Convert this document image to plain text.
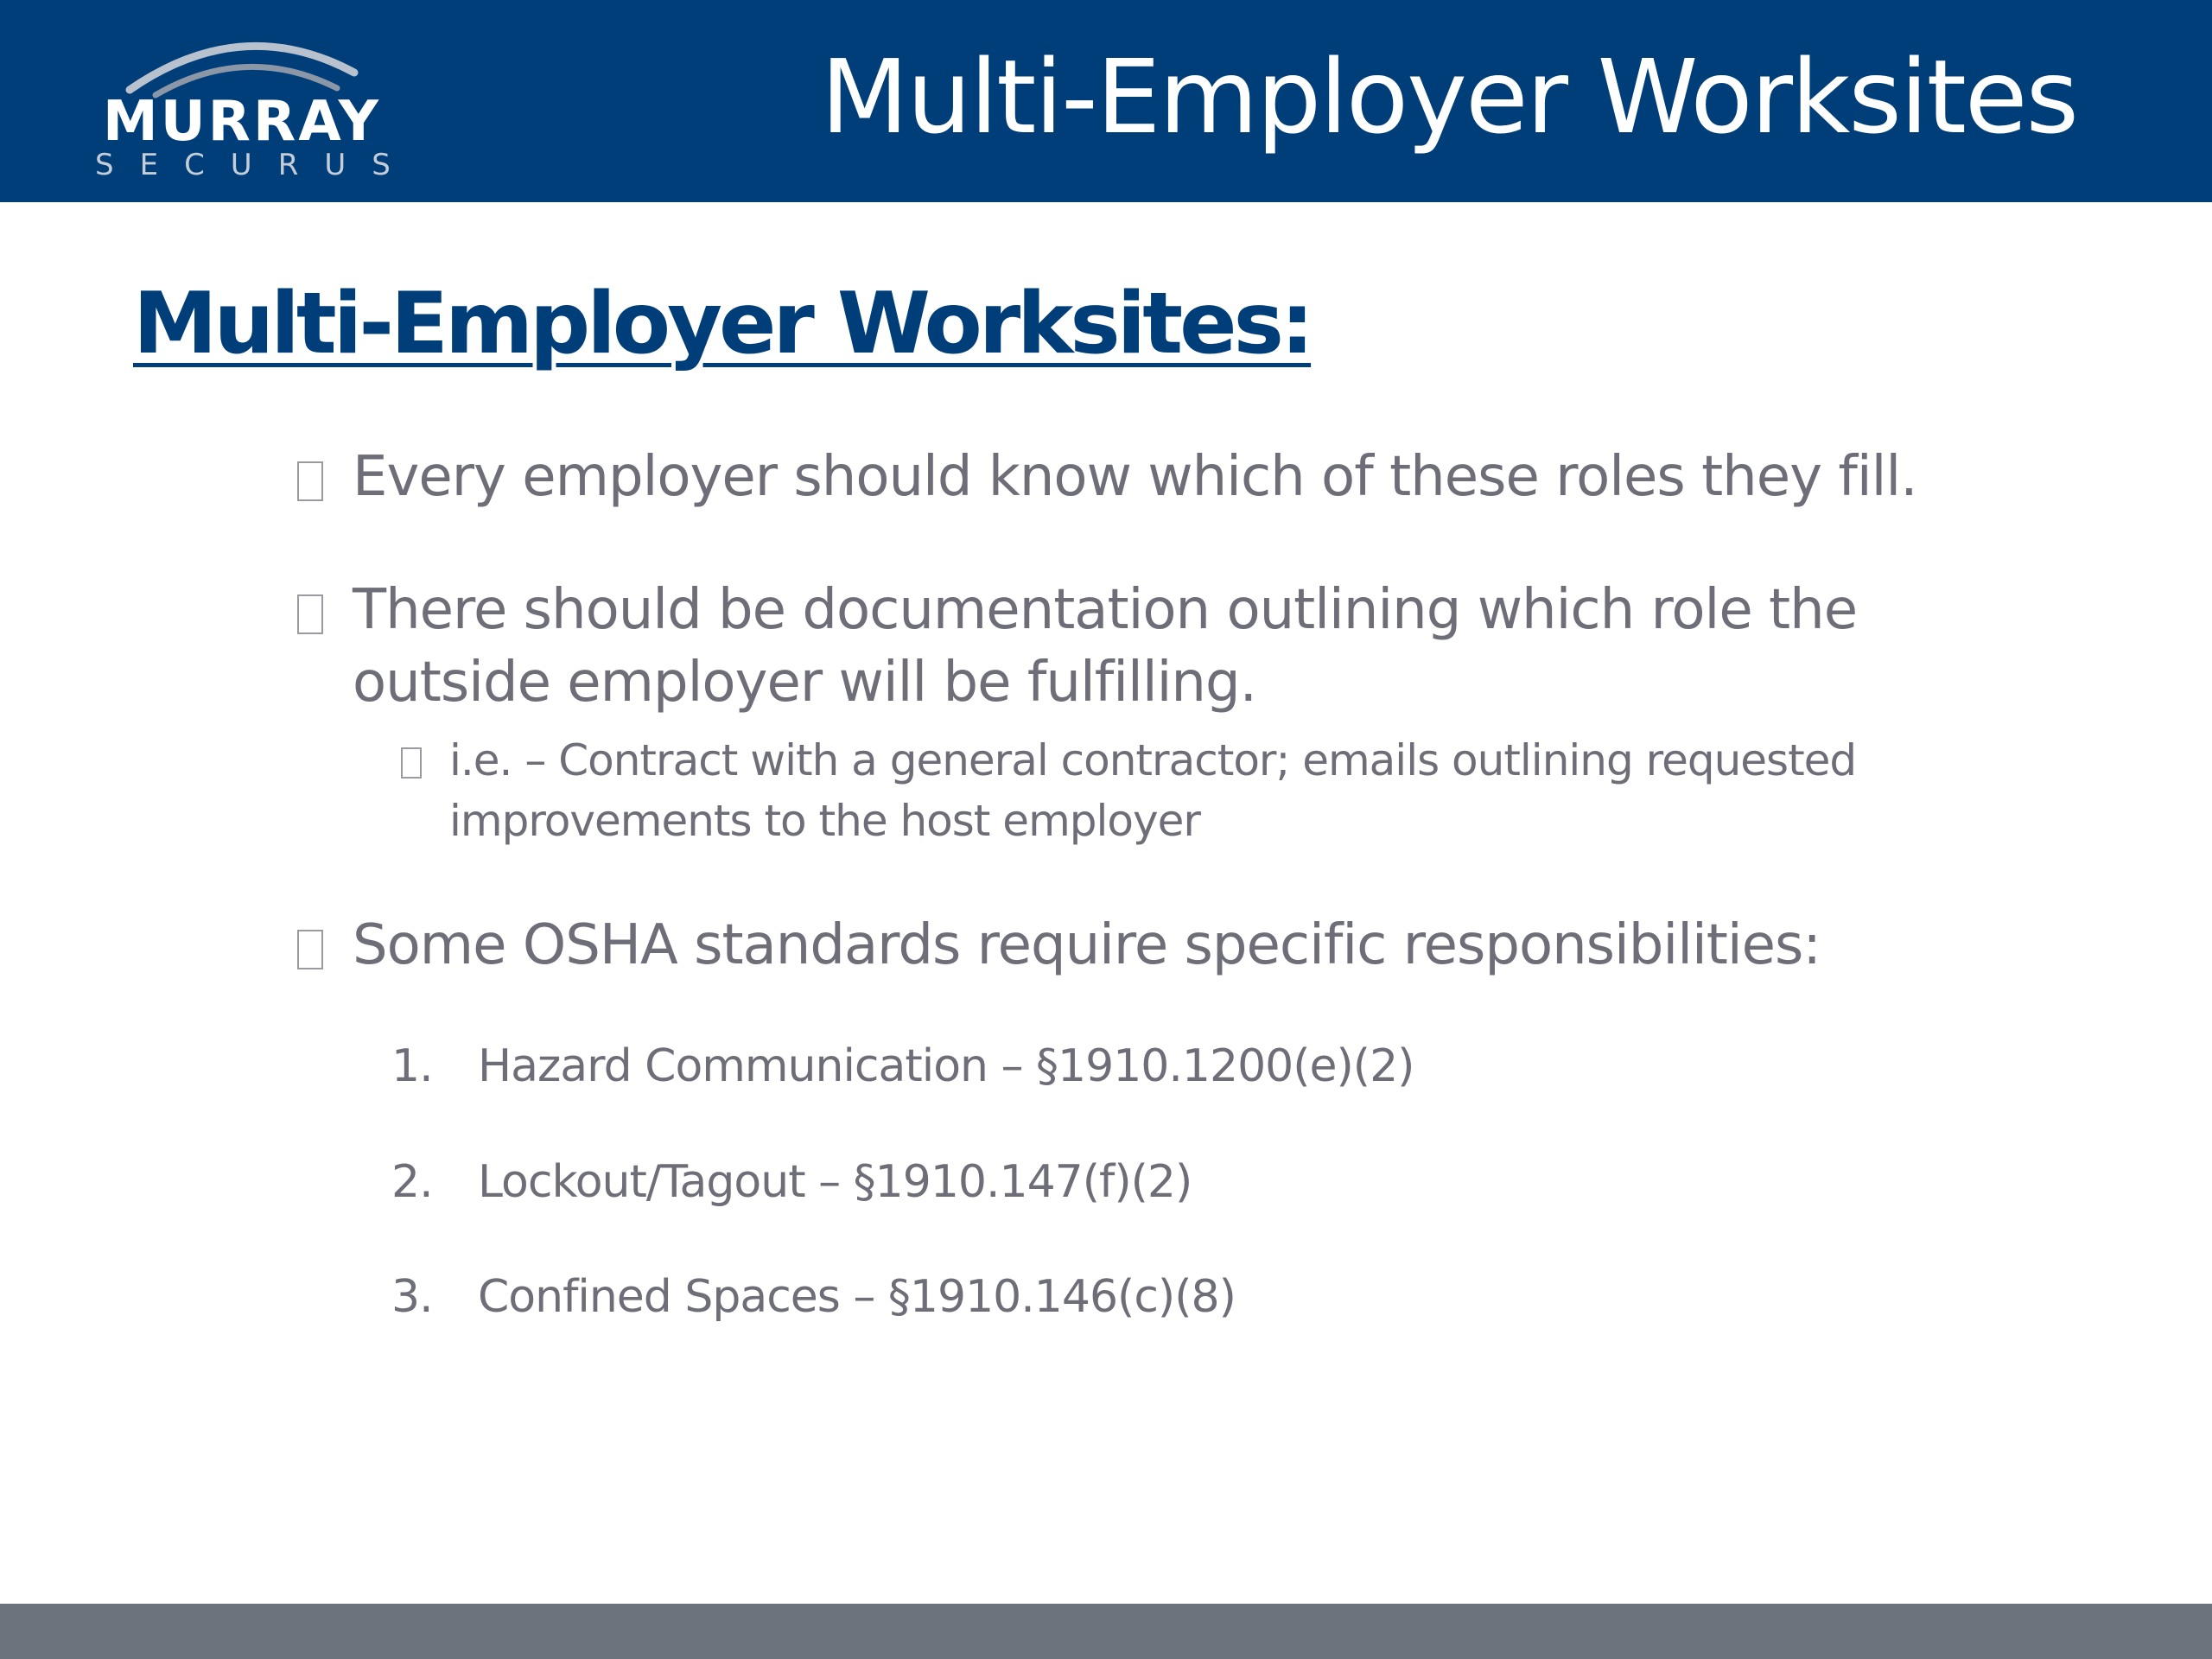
MURRAY
SECURUS
Multi-Employer Worksites
Multi-Employer Worksites:
Every employer should know which of these roles they fill.
There should be documentation outlining which role the outside employer will be fulfilling.
i.e. – Contract with a general contractor; emails outlining requested improvements to the host employer
Some OSHA standards require specific responsibilities:
1. Hazard Communication – §1910.1200(e)(2)
2. Lockout/Tagout – §1910.147(f)(2)
3. Confined Spaces – §1910.146(c)(8)
